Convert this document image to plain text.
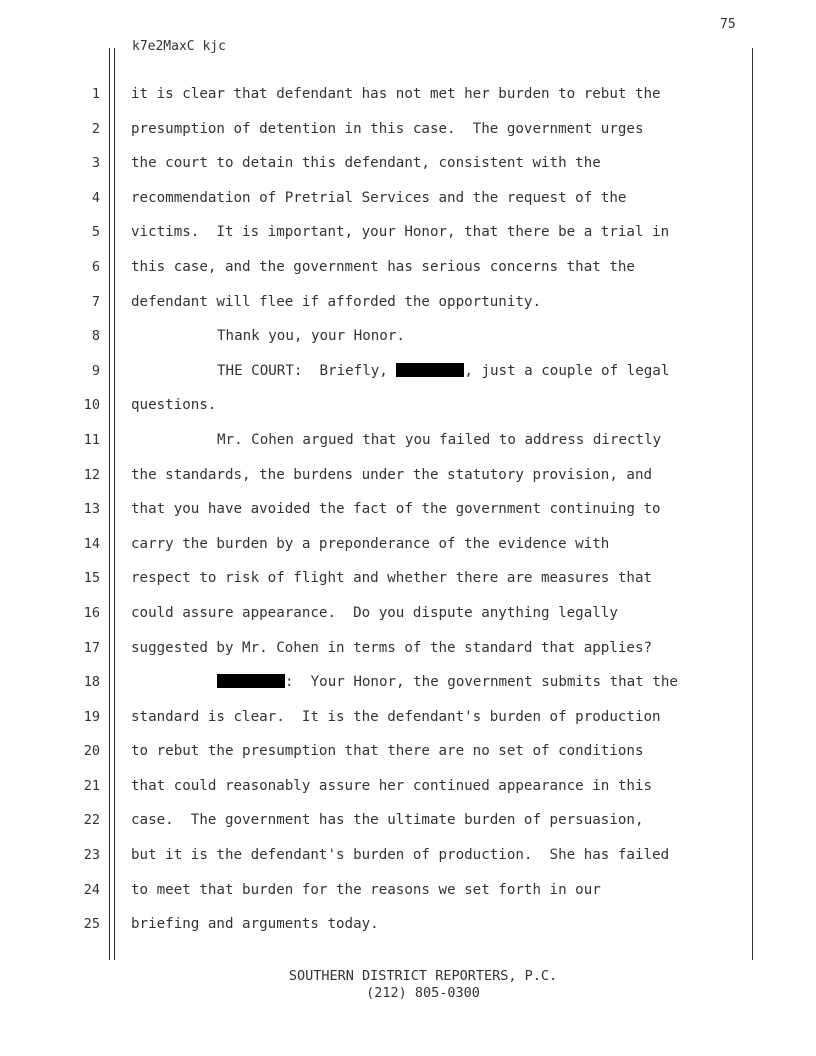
75
k7e2MaxC kjc
1
2
3
4
5
6
7
8
9
10
11
12
13
14
15
16
17
18
19
20
21
22
23
24
25
it is clear that defendant has not met her burden to rebut the
presumption of detention in this case.  The government urges
the court to detain this defendant, consistent with the
recommendation of Pretrial Services and the request of the
victims.  It is important, your Honor, that there be a trial in
this case, and the government has serious concerns that the
defendant will flee if afforded the opportunity.
Thank you, your Honor.
THE COURT:  Briefly,	, just a couple of legal
questions.
Mr. Cohen argued that you failed to address directly
the standards, the burdens under the statutory provision, and
that you have avoided the fact of the government continuing to
carry the burden by a preponderance of the evidence with
respect to risk of flight and whether there are measures that
could assure appearance.  Do you dispute anything legally
suggested by Mr. Cohen in terms of the standard that applies?
:  Your Honor, the government submits that the
standard is clear.  It is the defendant's burden of production
to rebut the presumption that there are no set of conditions
that could reasonably assure her continued appearance in this
case.  The government has the ultimate burden of persuasion,
but it is the defendant's burden of production.  She has failed
to meet that burden for the reasons we set forth in our
briefing and arguments today.
SOUTHERN DISTRICT REPORTERS, P.C.
(212) 805-0300
